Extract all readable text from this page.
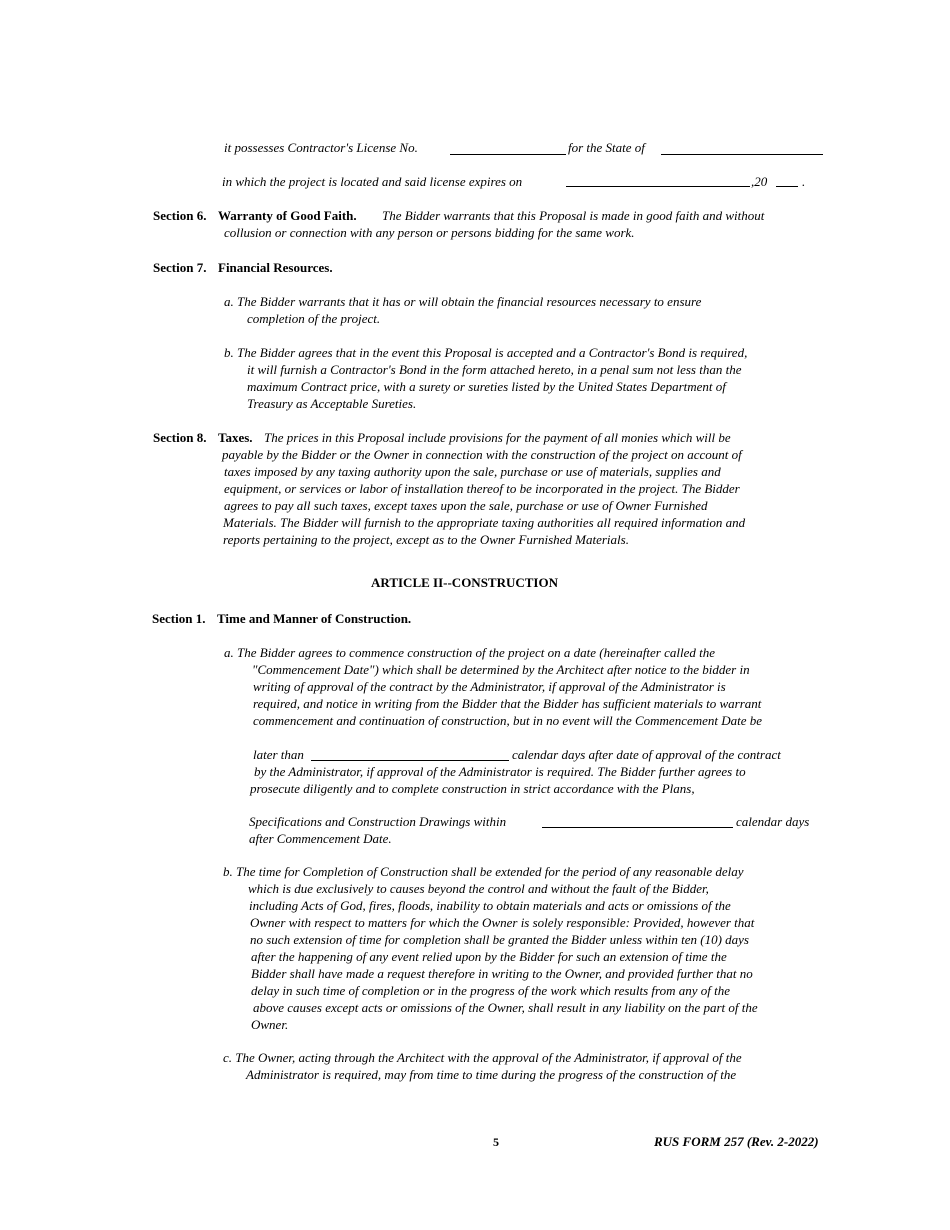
it possesses Contractor's License No.	for the State of
in which the project is located and said license expires on	,20	.
Section 6. Warranty of Good Faith. The Bidder warrants that this Proposal is made in good faith and without
collusion or connection with any person or persons bidding for the same work.
Section 7. Financial Resources.
a. The Bidder warrants that it has or will obtain the financial resources necessary to ensure
completion of the project.
b. The Bidder agrees that in the event this Proposal is accepted and a Contractor's Bond is required,
it will furnish a Contractor's Bond in the form attached hereto, in a penal sum not less than the
maximum Contract price, with a surety or sureties listed by the United States Department of
Treasury as Acceptable Sureties.
Section 8. Taxes. The prices in this Proposal include provisions for the payment of all monies which will be
payable by the Bidder or the Owner in connection with the construction of the project on account of
taxes imposed by any taxing authority upon the sale, purchase or use of materials, supplies and
equipment, or services or labor of installation thereof to be incorporated in the project. The Bidder
agrees to pay all such taxes, except taxes upon the sale, purchase or use of Owner Furnished
Materials. The Bidder will furnish to the appropriate taxing authorities all required information and
reports pertaining to the project, except as to the Owner Furnished Materials.
ARTICLE II--CONSTRUCTION
Section 1. Time and Manner of Construction.
a. The Bidder agrees to commence construction of the project on a date (hereinafter called the
"Commencement Date") which shall be determined by the Architect after notice to the bidder in
writing of approval of the contract by the Administrator, if approval of the Administrator is
required, and notice in writing from the Bidder that the Bidder has sufficient materials to warrant
commencement and continuation of construction, but in no event will the Commencement Date be
later than	calendar days after date of approval of the contract
by the Administrator, if approval of the Administrator is required. The Bidder further agrees to
prosecute diligently and to complete construction in strict accordance with the Plans,
Specifications and Construction Drawings within	calendar days
after Commencement Date.
b. The time for Completion of Construction shall be extended for the period of any reasonable delay
which is due exclusively to causes beyond the control and without the fault of the Bidder,
including Acts of God, fires, floods, inability to obtain materials and acts or omissions of the
Owner with respect to matters for which the Owner is solely responsible: Provided, however that
no such extension of time for completion shall be granted the Bidder unless within ten (10) days
after the happening of any event relied upon by the Bidder for such an extension of time the
Bidder shall have made a request therefore in writing to the Owner, and provided further that no
delay in such time of completion or in the progress of the work which results from any of the
above causes except acts or omissions of the Owner, shall result in any liability on the part of the
Owner.
c. The Owner, acting through the Architect with the approval of the Administrator, if approval of the
Administrator is required, may from time to time during the progress of the construction of the
5	RUS FORM 257 (Rev. 2-2022)
